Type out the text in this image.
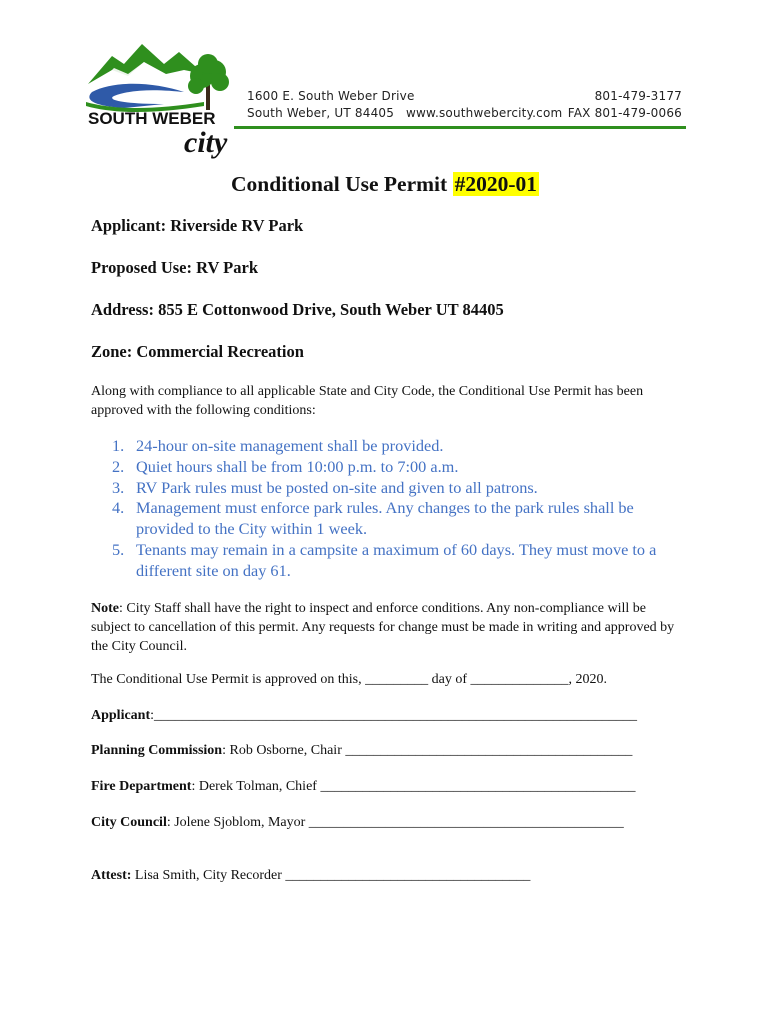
SOUTH WEBER
city
1600 E. South Weber Drive
South Weber, UT 84405 www.southwebercity.com
801-479-3177
FAX 801-479-0066
Conditional Use Permit #2020-01
Applicant: Riverside RV Park
Proposed Use: RV Park
Address: 855 E Cottonwood Drive, South Weber UT 84405
Zone: Commercial Recreation
Along with compliance to all applicable State and City Code, the Conditional Use Permit has been approved with the following conditions:
1. 24-hour on-site management shall be provided.
2. Quiet hours shall be from 10:00 p.m. to 7:00 a.m.
3. RV Park rules must be posted on-site and given to all patrons.
4. Management must enforce park rules. Any changes to the park rules shall be provided to the City within 1 week.
5. Tenants may remain in a campsite a maximum of 60 days. They must move to a different site on day 61.
Note: City Staff shall have the right to inspect and enforce conditions. Any non-compliance will be subject to cancellation of this permit. Any requests for change must be made in writing and approved by the City Council.
The Conditional Use Permit is approved on this, _________ day of ______________, 2020.
Applicant:_____________________________________________________________________
Planning Commission: Rob Osborne, Chair _________________________________________
Fire Department: Derek Tolman, Chief _____________________________________________
City Council: Jolene Sjoblom, Mayor _____________________________________________
Attest: Lisa Smith, City Recorder ___________________________________
